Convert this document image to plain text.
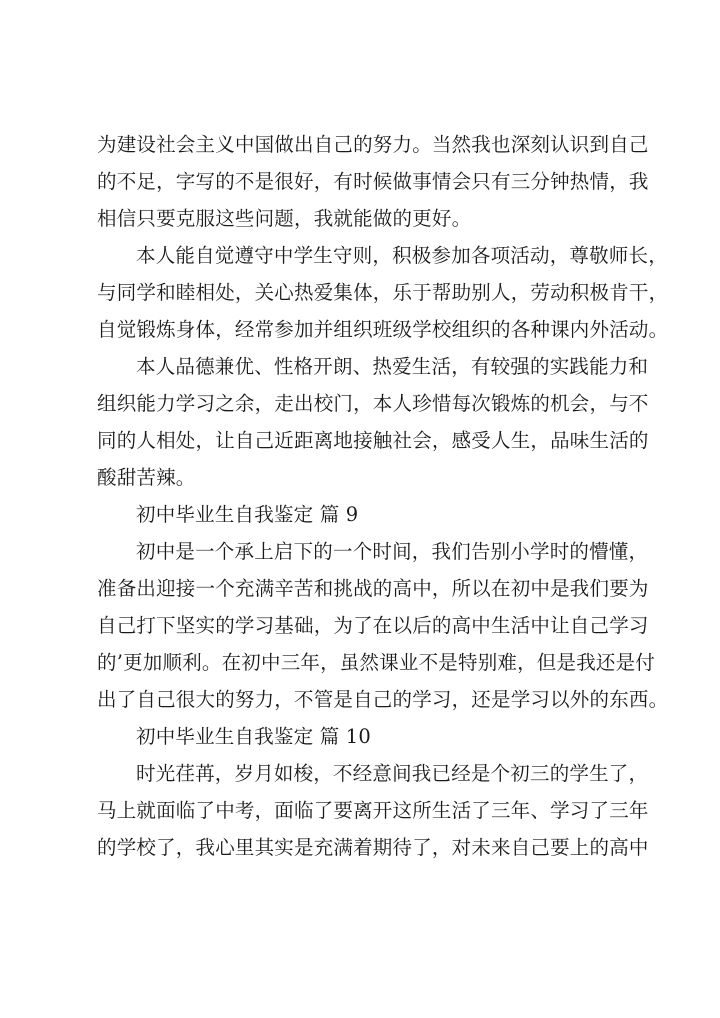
为建设社会主义中国做出自己的努力。当然我也深刻认识到自己
的不足，字写的不是很好，有时候做事情会只有三分钟热情，我
相信只要克服这些问题，我就能做的更好。
本人能自觉遵守中学生守则，积极参加各项活动，尊敬师长，
与同学和睦相处，关心热爱集体，乐于帮助别人，劳动积极肯干，
自觉锻炼身体，经常参加并组织班级学校组织的各种课内外活动。
本人品德兼优、性格开朗、热爱生活，有较强的实践能力和
组织能力学习之余，走出校门，本人珍惜每次锻炼的机会，与不
同的人相处，让自己近距离地接触社会，感受人生，品味生活的
酸甜苦辣。
初中毕业生自我鉴定 篇 9
初中是一个承上启下的一个时间，我们告别小学时的懵懂，
准备出迎接一个充满辛苦和挑战的高中，所以在初中是我们要为
自己打下坚实的学习基础，为了在以后的高中生活中让自己学习
的’更加顺利。在初中三年，虽然课业不是特别难，但是我还是付
出了自己很大的努力，不管是自己的学习，还是学习以外的东西。
初中毕业生自我鉴定 篇 10
时光荏苒，岁月如梭，不经意间我已经是个初三的学生了，
马上就面临了中考，面临了要离开这所生活了三年、学习了三年
的学校了，我心里其实是充满着期待了，对未来自己要上的高中
